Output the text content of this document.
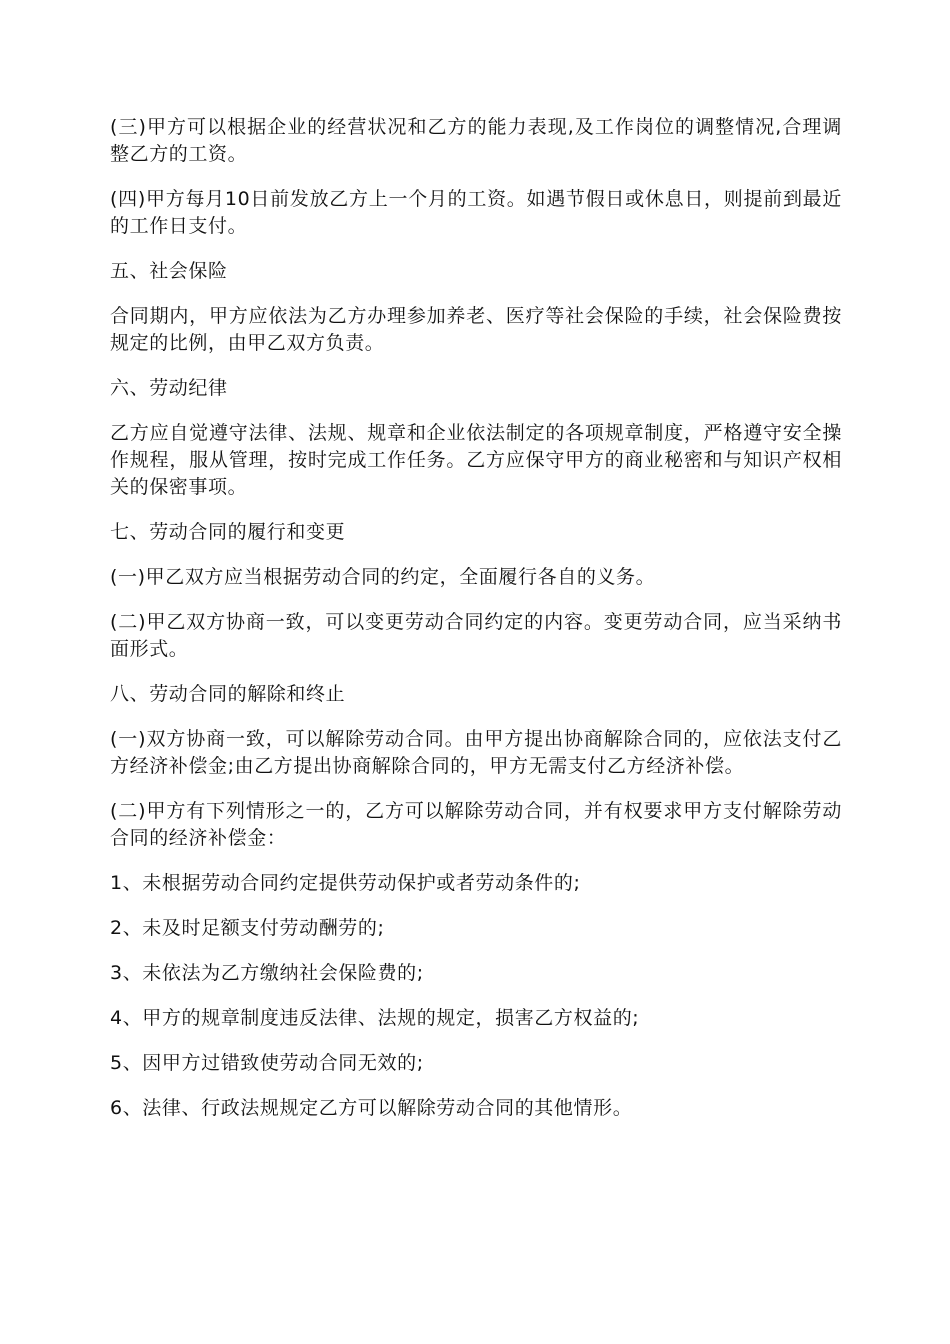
(三)甲方可以根据企业的经营状况和乙方的能力表现,及工作岗位的调整情况,合理调整乙方的工资。

(四)甲方每月10日前发放乙方上一个月的工资。如遇节假日或休息日，则提前到最近的工作日支付。

五、社会保险

合同期内，甲方应依法为乙方办理参加养老、医疗等社会保险的手续，社会保险费按规定的比例，由甲乙双方负责。

六、劳动纪律

乙方应自觉遵守法律、法规、规章和企业依法制定的各项规章制度，严格遵守安全操作规程，服从管理，按时完成工作任务。乙方应保守甲方的商业秘密和与知识产权相关的保密事项。

七、劳动合同的履行和变更

(一)甲乙双方应当根据劳动合同的约定，全面履行各自的义务。

(二)甲乙双方协商一致，可以变更劳动合同约定的内容。变更劳动合同，应当采纳书面形式。

八、劳动合同的解除和终止

(一)双方协商一致，可以解除劳动合同。由甲方提出协商解除合同的，应依法支付乙方经济补偿金;由乙方提出协商解除合同的，甲方无需支付乙方经济补偿。

(二)甲方有下列情形之一的，乙方可以解除劳动合同，并有权要求甲方支付解除劳动合同的经济补偿金：

1、未根据劳动合同约定提供劳动保护或者劳动条件的;

2、未及时足额支付劳动酬劳的;

3、未依法为乙方缴纳社会保险费的;

4、甲方的规章制度违反法律、法规的规定，损害乙方权益的;

5、因甲方过错致使劳动合同无效的;

6、法律、行政法规规定乙方可以解除劳动合同的其他情形。
